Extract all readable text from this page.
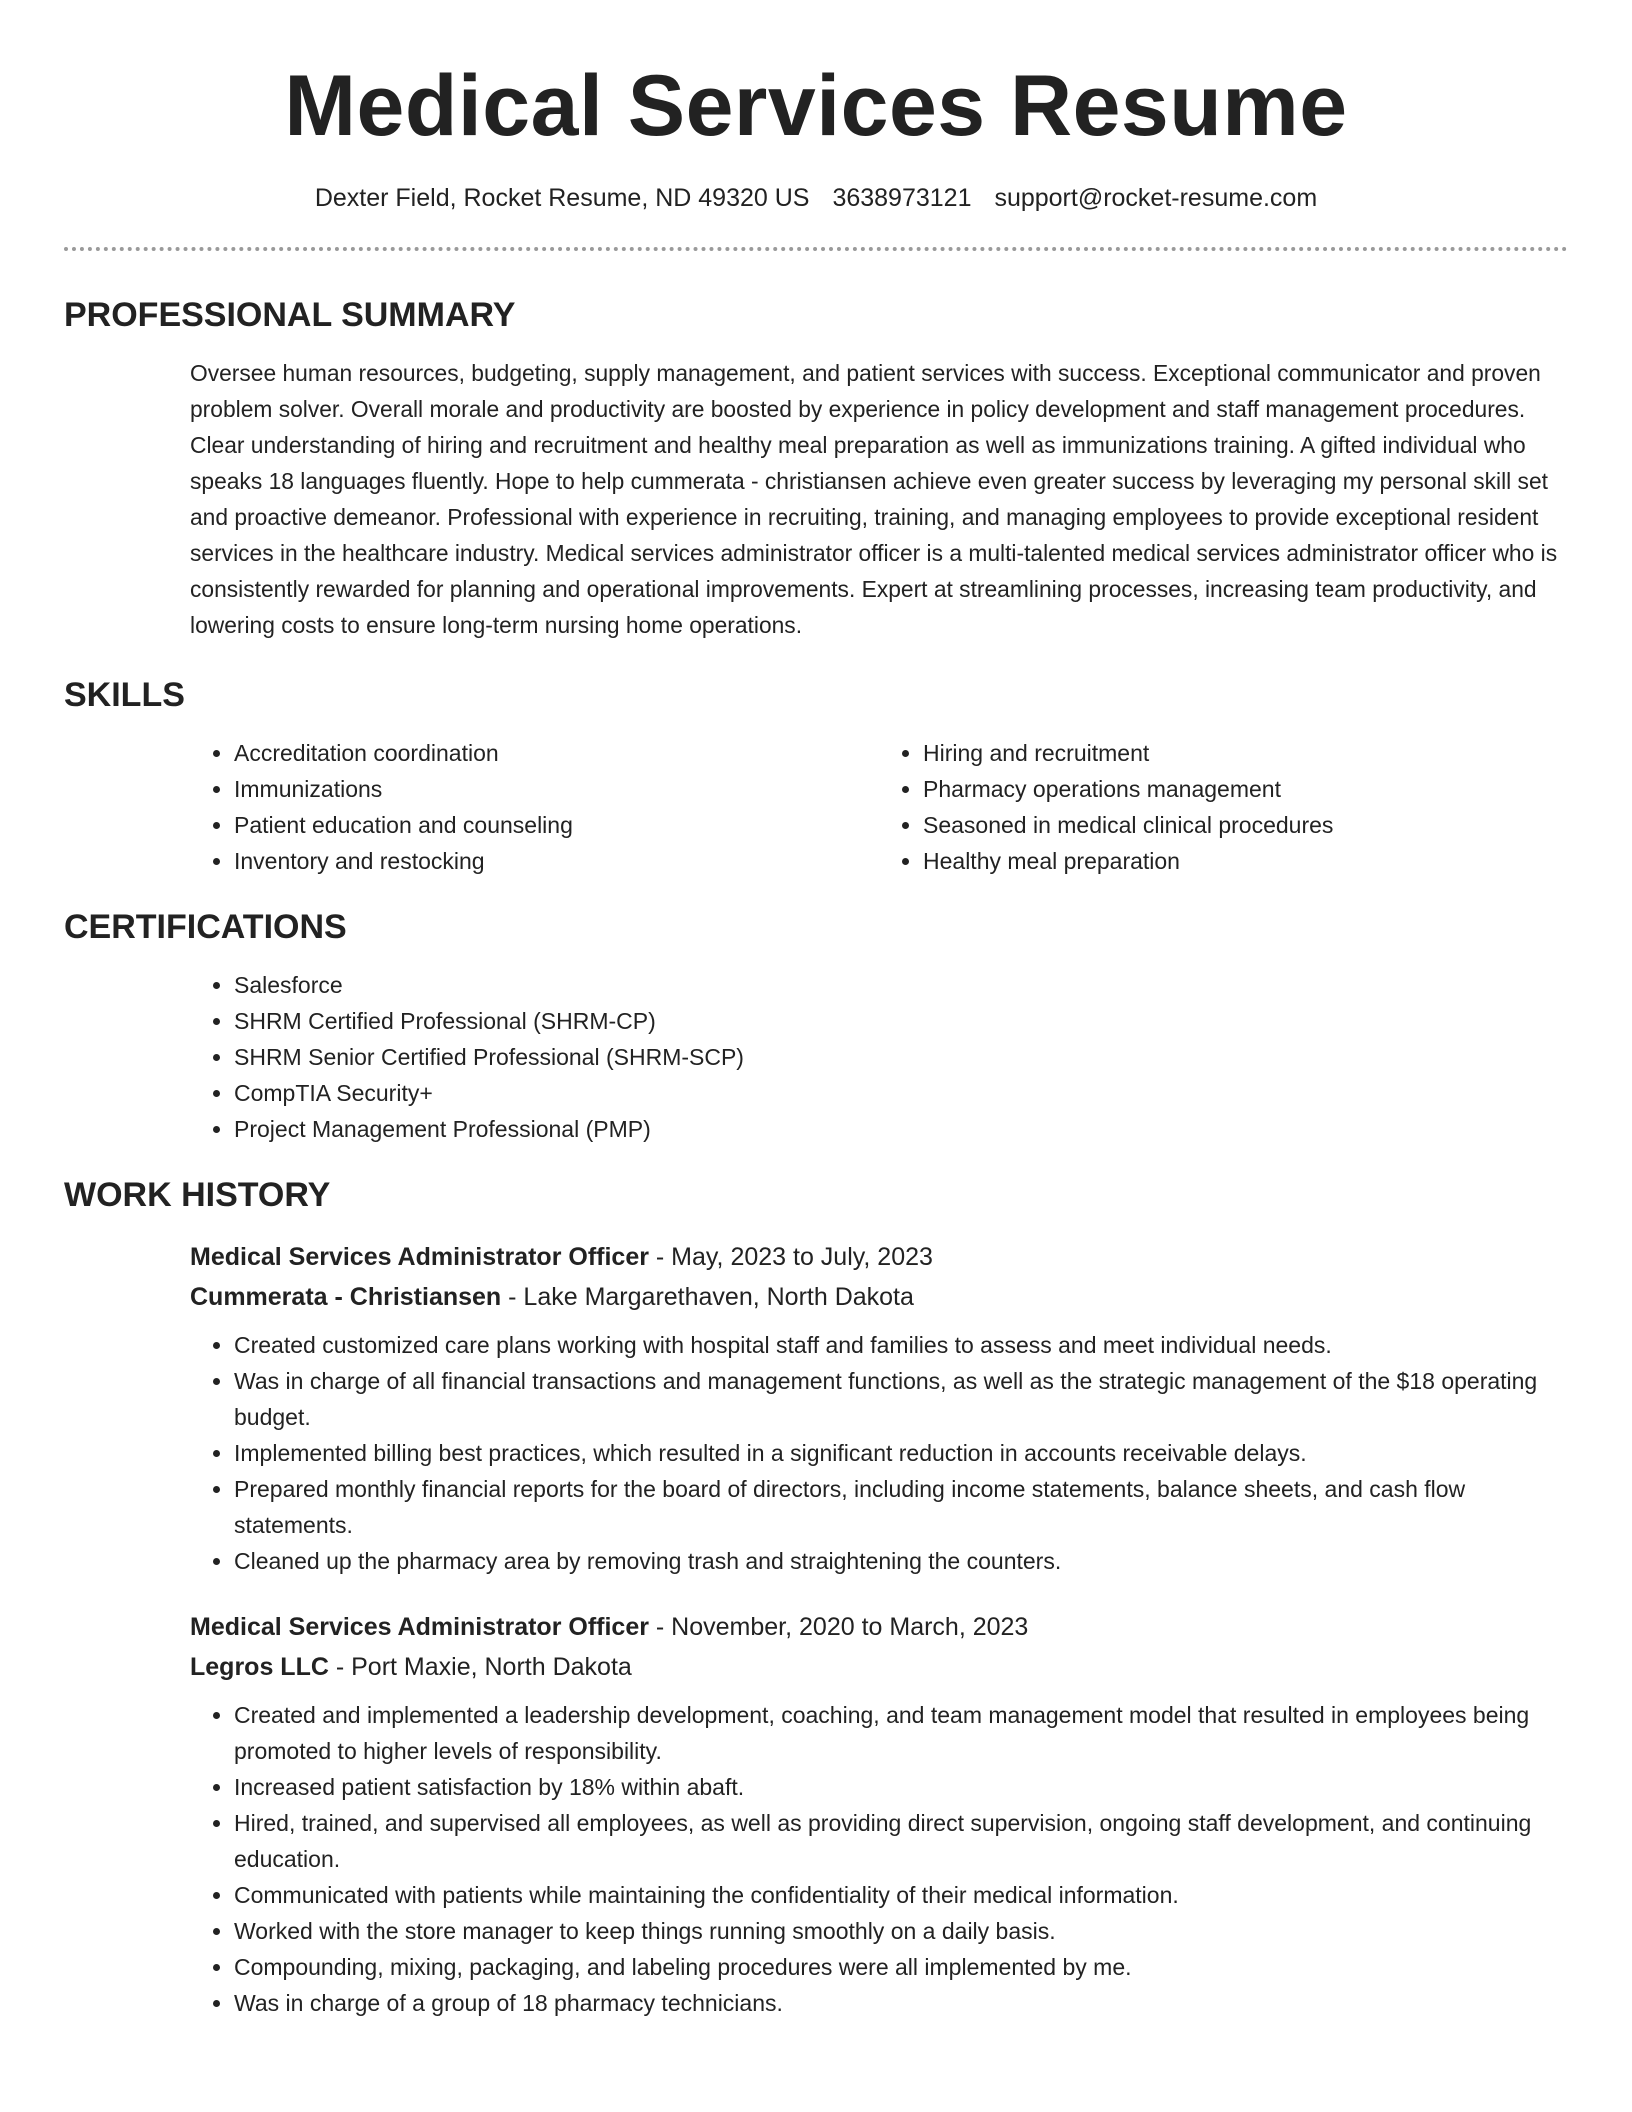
Medical Services Resume
Dexter Field, Rocket Resume, ND 49320 US 3638973121 support@rocket-resume.com
PROFESSIONAL SUMMARY
Oversee human resources, budgeting, supply management, and patient services with success. Exceptional communicator and proven problem solver. Overall morale and productivity are boosted by experience in policy development and staff management procedures. Clear understanding of hiring and recruitment and healthy meal preparation as well as immunizations training. A gifted individual who speaks 18 languages fluently. Hope to help cummerata - christiansen achieve even greater success by leveraging my personal skill set and proactive demeanor. Professional with experience in recruiting, training, and managing employees to provide exceptional resident services in the healthcare industry. Medical services administrator officer is a multi-talented medical services administrator officer who is consistently rewarded for planning and operational improvements. Expert at streamlining processes, increasing team productivity, and lowering costs to ensure long-term nursing home operations.
SKILLS
• Accreditation coordination
• Immunizations
• Patient education and counseling
• Inventory and restocking
• Hiring and recruitment
• Pharmacy operations management
• Seasoned in medical clinical procedures
• Healthy meal preparation
CERTIFICATIONS
• Salesforce
• SHRM Certified Professional (SHRM-CP)
• SHRM Senior Certified Professional (SHRM-SCP)
• CompTIA Security+
• Project Management Professional (PMP)
WORK HISTORY
Medical Services Administrator Officer - May, 2023 to July, 2023
Cummerata - Christiansen - Lake Margarethaven, North Dakota
• Created customized care plans working with hospital staff and families to assess and meet individual needs.
• Was in charge of all financial transactions and management functions, as well as the strategic management of the $18 operating budget.
• Implemented billing best practices, which resulted in a significant reduction in accounts receivable delays.
• Prepared monthly financial reports for the board of directors, including income statements, balance sheets, and cash flow statements.
• Cleaned up the pharmacy area by removing trash and straightening the counters.
Medical Services Administrator Officer - November, 2020 to March, 2023
Legros LLC - Port Maxie, North Dakota
• Created and implemented a leadership development, coaching, and team management model that resulted in employees being promoted to higher levels of responsibility.
• Increased patient satisfaction by 18% within abaft.
• Hired, trained, and supervised all employees, as well as providing direct supervision, ongoing staff development, and continuing education.
• Communicated with patients while maintaining the confidentiality of their medical information.
• Worked with the store manager to keep things running smoothly on a daily basis.
• Compounding, mixing, packaging, and labeling procedures were all implemented by me.
• Was in charge of a group of 18 pharmacy technicians.
